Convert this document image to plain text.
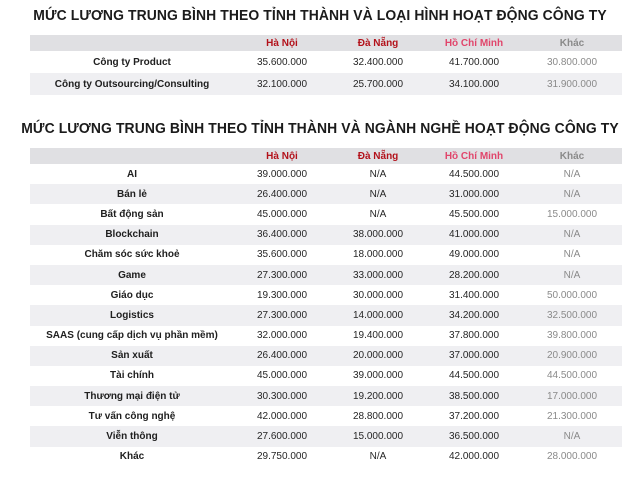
MỨC LƯƠNG TRUNG BÌNH THEO TỈNH THÀNH VÀ LOẠI HÌNH HOẠT ĐỘNG CÔNG TY
	Hà Nội	Đà Nẵng	Hồ Chí Minh	Khác
Công ty Product	35.600.000	32.400.000	41.700.000	30.800.000
Công ty Outsourcing/Consulting	32.100.000	25.700.000	34.100.000	31.900.000
MỨC LƯƠNG TRUNG BÌNH THEO TỈNH THÀNH VÀ NGÀNH NGHỀ HOẠT ĐỘNG CÔNG TY
	Hà Nội	Đà Nẵng	Hồ Chí Minh	Khác
AI	39.000.000	N/A	44.500.000	N/A
Bán lẻ	26.400.000	N/A	31.000.000	N/A
Bất động sản	45.000.000	N/A	45.500.000	15.000.000
Blockchain	36.400.000	38.000.000	41.000.000	N/A
Chăm sóc sức khoẻ	35.600.000	18.000.000	49.000.000	N/A
Game	27.300.000	33.000.000	28.200.000	N/A
Giáo dục	19.300.000	30.000.000	31.400.000	50.000.000
Logistics	27.300.000	14.000.000	34.200.000	32.500.000
SAAS (cung cấp dịch vụ phần mềm)	32.000.000	19.400.000	37.800.000	39.800.000
Sản xuất	26.400.000	20.000.000	37.000.000	20.900.000
Tài chính	45.000.000	39.000.000	44.500.000	44.500.000
Thương mại điện tử	30.300.000	19.200.000	38.500.000	17.000.000
Tư vấn công nghệ	42.000.000	28.800.000	37.200.000	21.300.000
Viễn thông	27.600.000	15.000.000	36.500.000	N/A
Khác	29.750.000	N/A	42.000.000	28.000.000
